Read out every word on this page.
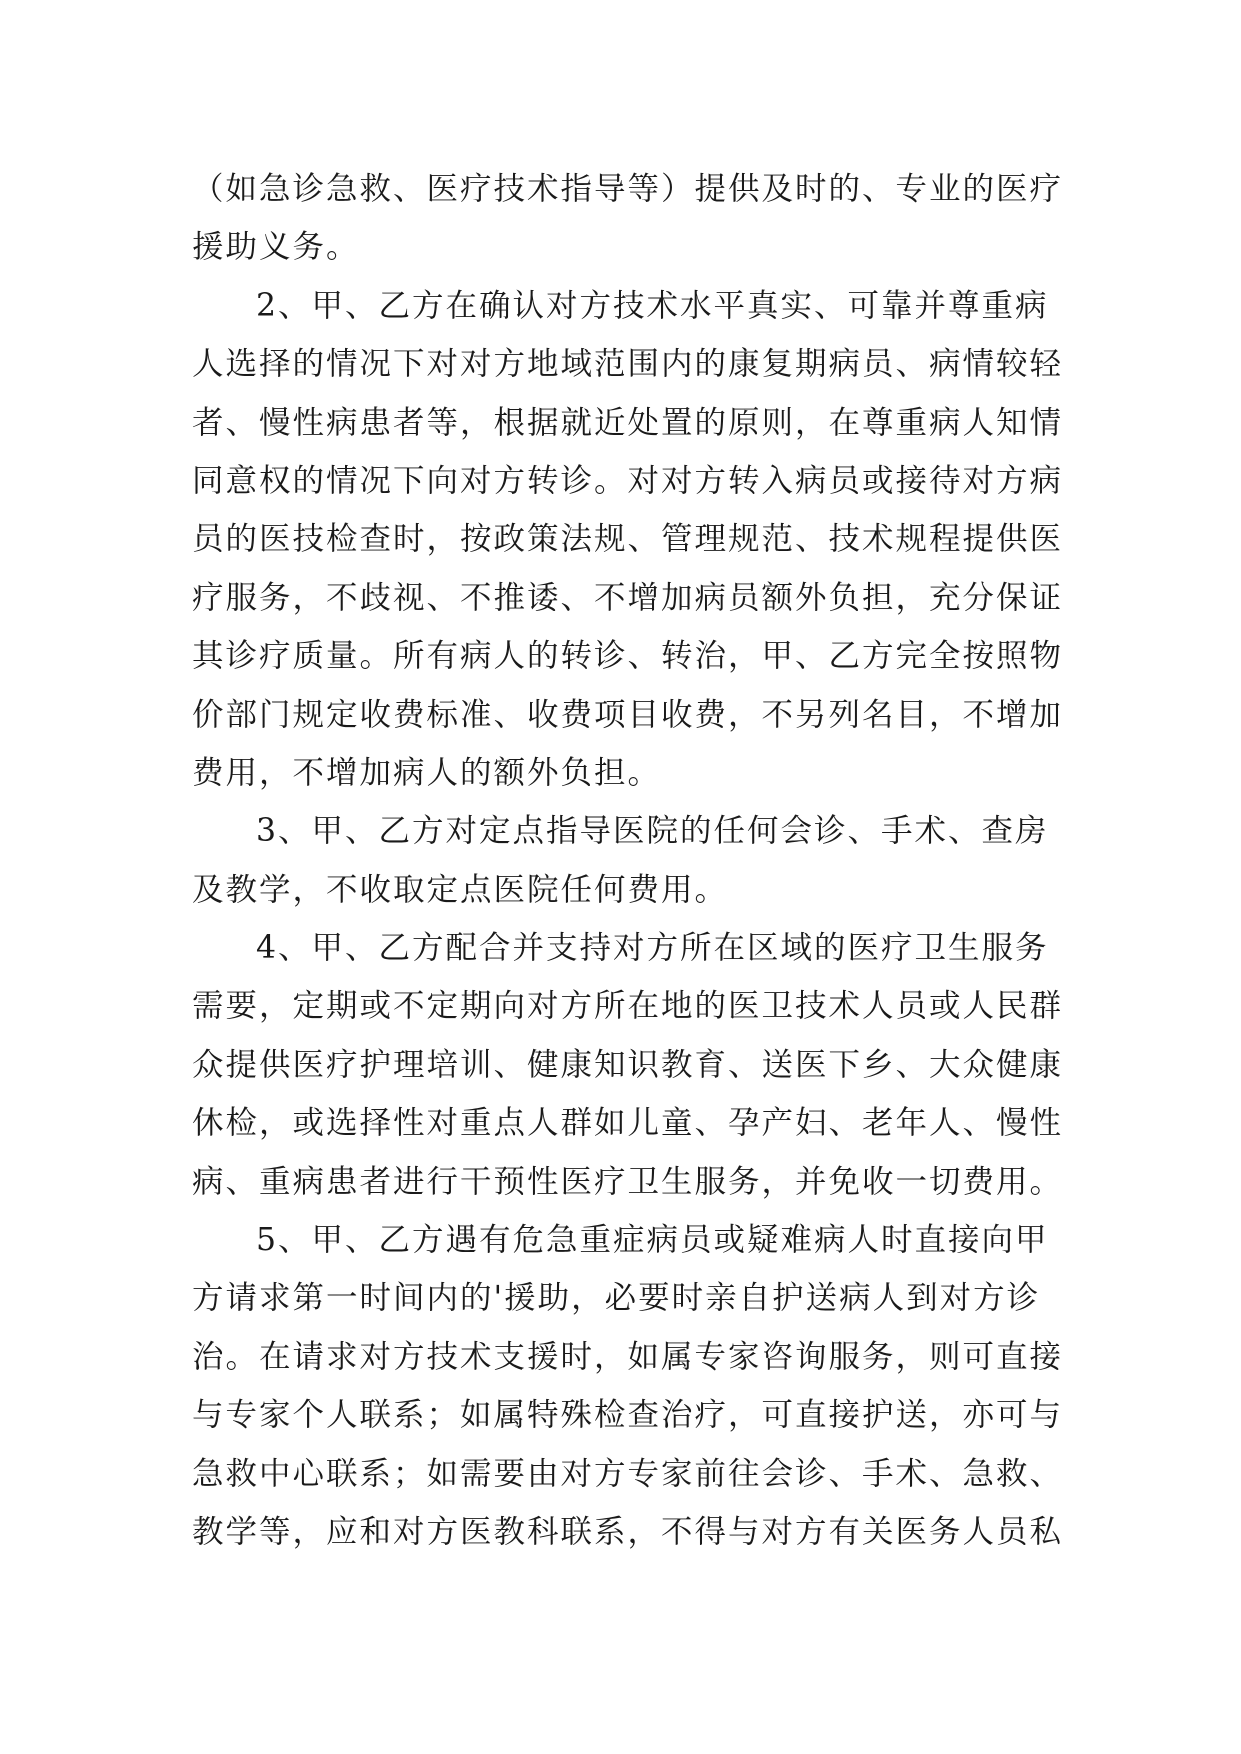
（如急诊急救、医疗技术指导等）提供及时的、专业的医疗
援助义务。
2、甲、乙方在确认对方技术水平真实、可靠并尊重病
人选择的情况下对对方地域范围内的康复期病员、病情较轻
者、慢性病患者等，根据就近处置的原则，在尊重病人知情
同意权的情况下向对方转诊。对对方转入病员或接待对方病
员的医技检查时，按政策法规、管理规范、技术规程提供医
疗服务，不歧视、不推诿、不增加病员额外负担，充分保证
其诊疗质量。所有病人的转诊、转治，甲、乙方完全按照物
价部门规定收费标准、收费项目收费，不另列名目，不增加
费用，不增加病人的额外负担。
3、甲、乙方对定点指导医院的任何会诊、手术、查房
及教学，不收取定点医院任何费用。
4、甲、乙方配合并支持对方所在区域的医疗卫生服务
需要，定期或不定期向对方所在地的医卫技术人员或人民群
众提供医疗护理培训、健康知识教育、送医下乡、大众健康
休检，或选择性对重点人群如儿童、孕产妇、老年人、慢性
病、重病患者进行干预性医疗卫生服务，并免收一切费用。
5、甲、乙方遇有危急重症病员或疑难病人时直接向甲
方请求第一时间内的'援助，必要时亲自护送病人到对方诊
治。在请求对方技术支援时，如属专家咨询服务，则可直接
与专家个人联系；如属特殊检查治疗，可直接护送，亦可与
急救中心联系；如需要由对方专家前往会诊、手术、急救、
教学等，应和对方医教科联系，不得与对方有关医务人员私
